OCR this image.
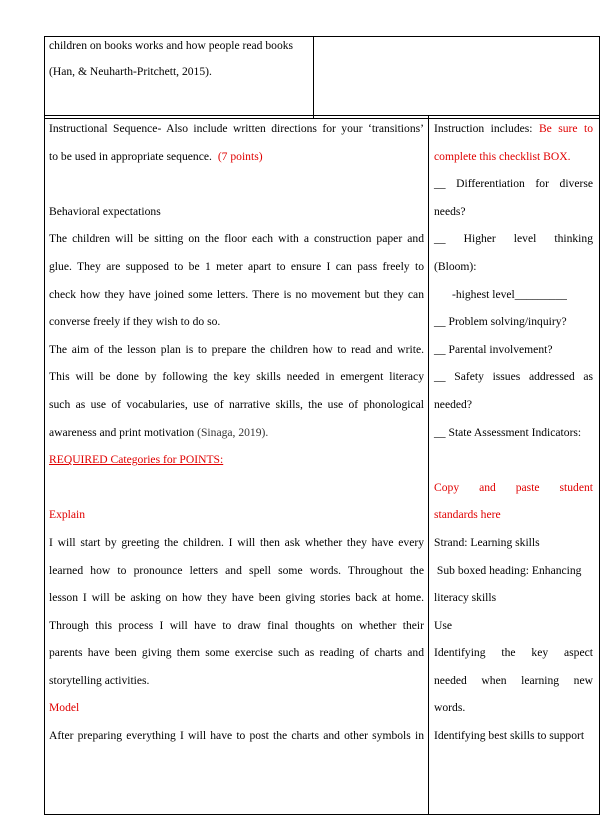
children on books works and how people read books
(Han, & Neuharth-Pritchett, 2015).
Instructional Sequence- Also include written directions for your ‘transitions’
to be used in appropriate sequence. (7 points)
Behavioral expectations
The children will be sitting on the floor each with a construction paper and
glue. They are supposed to be 1 meter apart to ensure I can pass freely to
check how they have joined some letters. There is no movement but they can
converse freely if they wish to do so.
The aim of the lesson plan is to prepare the children how to read and write.
This will be done by following the key skills needed in emergent literacy
such as use of vocabularies, use of narrative skills, the use of phonological
awareness and print motivation (Sinaga, 2019).
REQUIRED Categories for POINTS:
Explain
I will start by greeting the children. I will then ask whether they have every
learned how to pronounce letters and spell some words. Throughout the
lesson I will be asking on how they have been giving stories back at home.
Through this process I will have to draw final thoughts on whether their
parents have been giving them some exercise such as reading of charts and
storytelling activities.
Model
After preparing everything I will have to post the charts and other symbols in
Instruction includes: Be sure to
complete this checklist BOX.
__ Differentiation for diverse
needs?
__ Higher level thinking
(Bloom):
-highest level_________
__ Problem solving/inquiry?
__ Parental involvement?
__ Safety issues addressed as
needed?
__ State Assessment Indicators:
Copy and paste student
standards here
Strand: Learning skills
Sub boxed heading: Enhancing
literacy skills
Use
Identifying the key aspect
needed when learning new
words.
Identifying best skills to support
